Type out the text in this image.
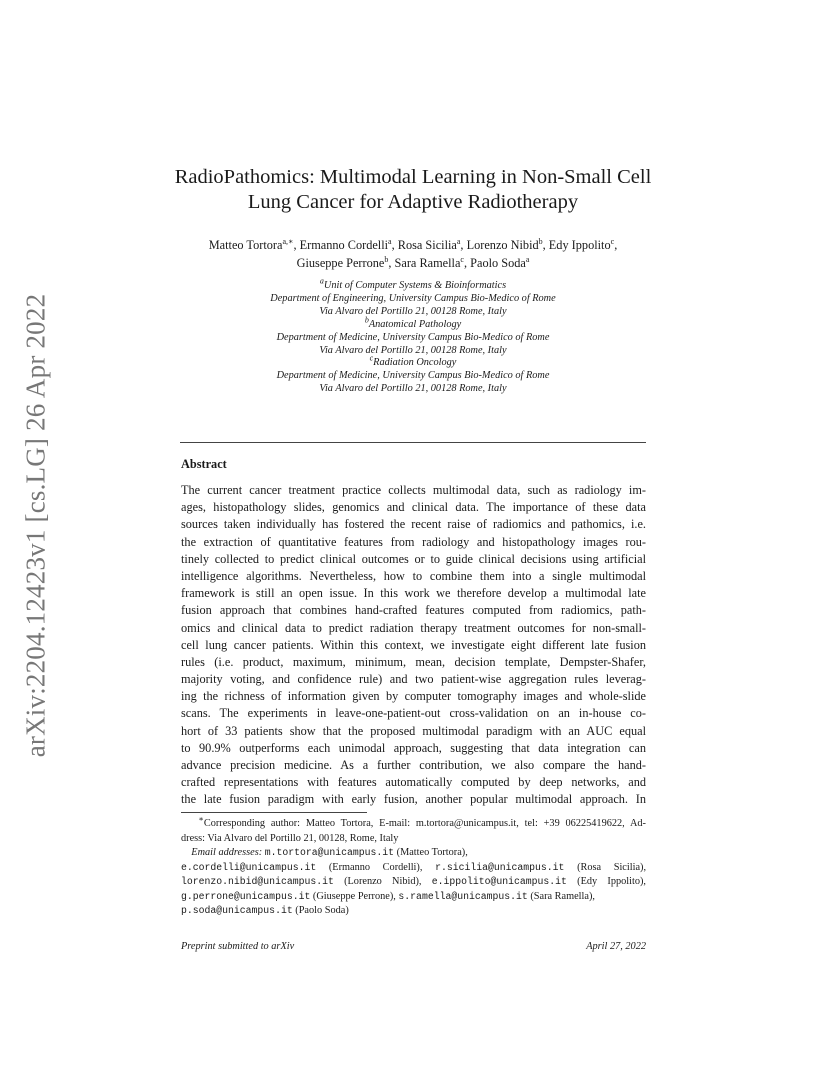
arXiv:2204.12423v1 [cs.LG] 26 Apr 2022
RadioPathomics: Multimodal Learning in Non-Small Cell
Lung Cancer for Adaptive Radiotherapy
Matteo Tortora$^{a,∗}$, Ermanno Cordelli$^a$, Rosa Sicilia$^a$, Lorenzo Nibid$^b$, Edy Ippolito$^c$,
Giuseppe Perrone$^b$, Sara Ramella$^c$, Paolo Soda$^a$
$^a$Unit of Computer Systems & Bioinformatics
Department of Engineering, University Campus Bio-Medico of Rome
Via Alvaro del Portillo 21, 00128 Rome, Italy
$^b$Anatomical Pathology
Department of Medicine, University Campus Bio-Medico of Rome
Via Alvaro del Portillo 21, 00128 Rome, Italy
$^c$Radiation Oncology
Department of Medicine, University Campus Bio-Medico of Rome
Via Alvaro del Portillo 21, 00128 Rome, Italy
Abstract
The current cancer treatment practice collects multimodal data, such as radiology im-
ages, histopathology slides, genomics and clinical data. The importance of these data
sources taken individually has fostered the recent raise of radiomics and pathomics, i.e.
the extraction of quantitative features from radiology and histopathology images rou-
tinely collected to predict clinical outcomes or to guide clinical decisions using artificial
intelligence algorithms. Nevertheless, how to combine them into a single multimodal
framework is still an open issue. In this work we therefore develop a multimodal late
fusion approach that combines hand-crafted features computed from radiomics, path-
omics and clinical data to predict radiation therapy treatment outcomes for non-small-
cell lung cancer patients. Within this context, we investigate eight different late fusion
rules (i.e. product, maximum, minimum, mean, decision template, Dempster-Shafer,
majority voting, and confidence rule) and two patient-wise aggregation rules leverag-
ing the richness of information given by computer tomography images and whole-slide
scans. The experiments in leave-one-patient-out cross-validation on an in-house co-
hort of 33 patients show that the proposed multimodal paradigm with an AUC equal
to 90.9% outperforms each unimodal approach, suggesting that data integration can
advance precision medicine. As a further contribution, we also compare the hand-
crafted representations with features automatically computed by deep networks, and
the late fusion paradigm with early fusion, another popular multimodal approach. In
∗Corresponding author: Matteo Tortora, E-mail: m.tortora@unicampus.it, tel: +39 06225419622, Ad-
dress: Via Alvaro del Portillo 21, 00128, Rome, Italy
Email addresses: m.tortora@unicampus.it (Matteo Tortora),
e.cordelli@unicampus.it (Ermanno Cordelli), r.sicilia@unicampus.it (Rosa Sicilia),
lorenzo.nibid@unicampus.it (Lorenzo Nibid), e.ippolito@unicampus.it (Edy Ippolito),
g.perrone@unicampus.it (Giuseppe Perrone), s.ramella@unicampus.it (Sara Ramella),
p.soda@unicampus.it (Paolo Soda)
Preprint submitted to arXiv	April 27, 2022
